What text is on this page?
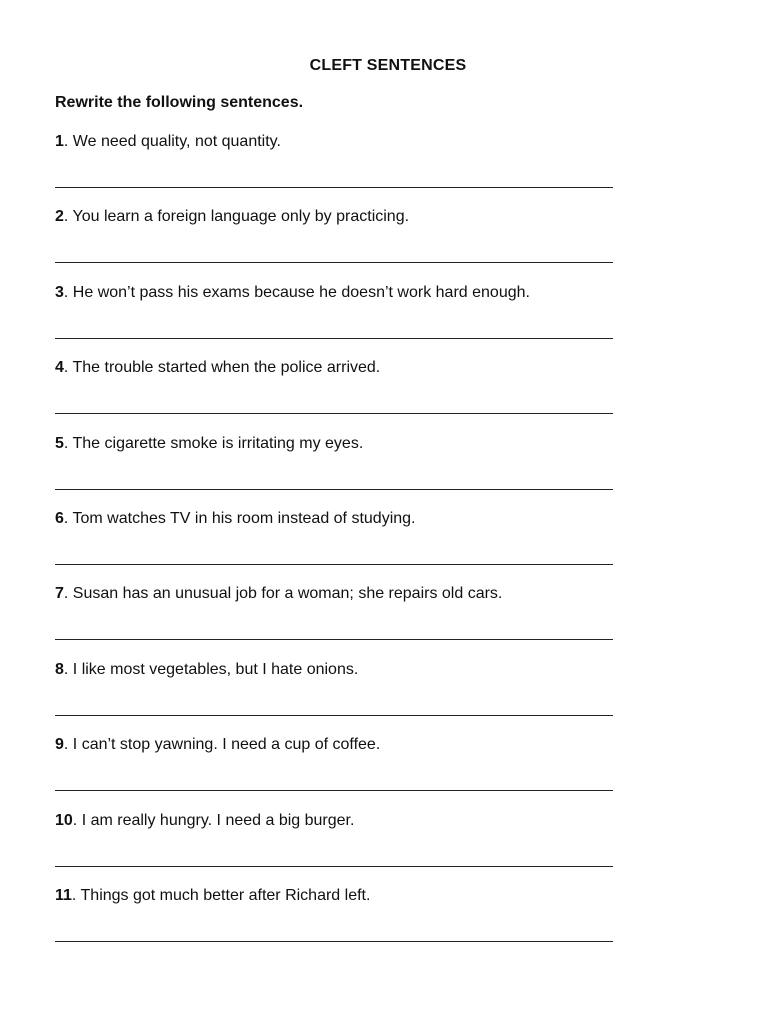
CLEFT SENTENCES
Rewrite the following sentences.
1. We need quality, not quantity.
2. You learn a foreign language only by practicing.
3. He won’t pass his exams because he doesn’t work hard enough.
4. The trouble started when the police arrived.
5. The cigarette smoke is irritating my eyes.
6. Tom watches TV in his room instead of studying.
7. Susan has an unusual job for a woman; she repairs old cars.
8. I like most vegetables, but I hate onions.
9. I can’t stop yawning. I need a cup of coffee.
10. I am really hungry. I need a big burger.
11. Things got much better after Richard left.
